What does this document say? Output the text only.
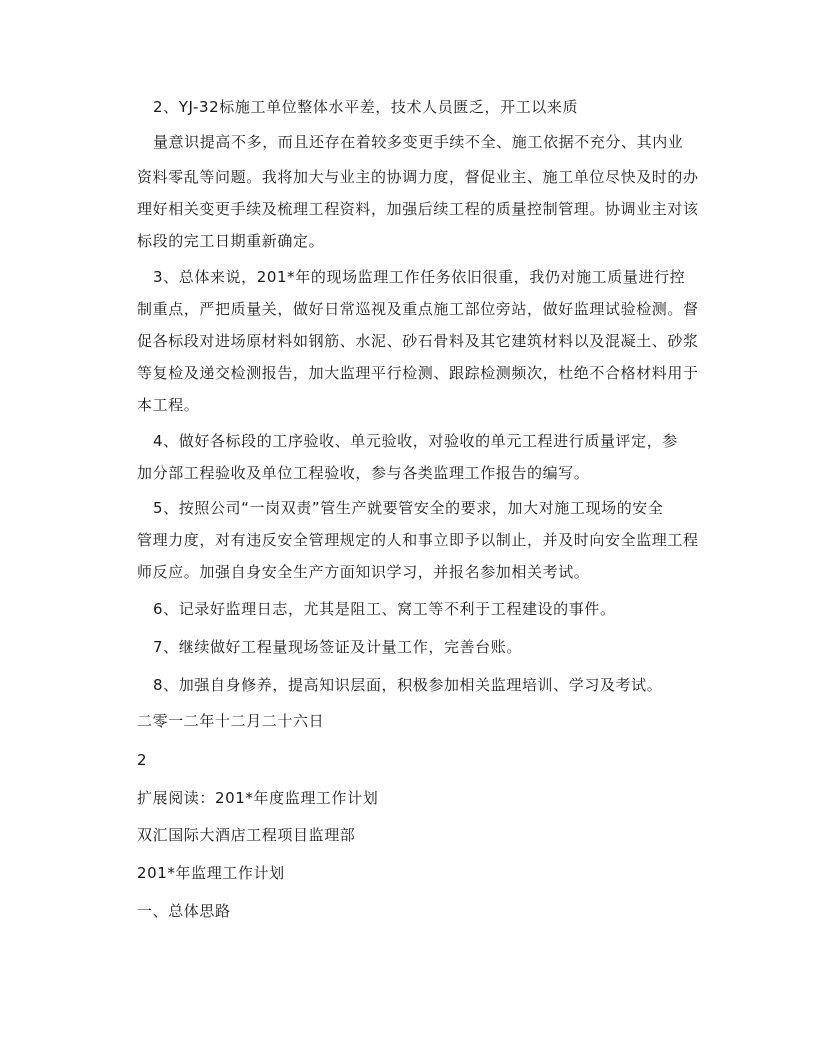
2、YJ-32标施工单位整体水平差，技术人员匮乏，开工以来质
量意识提高不多，而且还存在着较多变更手续不全、施工依据不充分、其内业
资料零乱等问题。我将加大与业主的协调力度，督促业主、施工单位尽快及时的办
理好相关变更手续及梳理工程资料，加强后续工程的质量控制管理。协调业主对该
标段的完工日期重新确定。
3、总体来说，201*年的现场监理工作任务依旧很重，我仍对施工质量进行控
制重点，严把质量关，做好日常巡视及重点施工部位旁站，做好监理试验检测。督
促各标段对进场原材料如钢筋、水泥、砂石骨料及其它建筑材料以及混凝土、砂浆
等复检及递交检测报告，加大监理平行检测、跟踪检测频次，杜绝不合格材料用于
本工程。
4、做好各标段的工序验收、单元验收，对验收的单元工程进行质量评定，参
加分部工程验收及单位工程验收，参与各类监理工作报告的编写。
5、按照公司“一岗双责”管生产就要管安全的要求，加大对施工现场的安全
管理力度，对有违反安全管理规定的人和事立即予以制止，并及时向安全监理工程
师反应。加强自身安全生产方面知识学习，并报名参加相关考试。
6、记录好监理日志，尤其是阻工、窝工等不利于工程建设的事件。
7、继续做好工程量现场签证及计量工作，完善台账。
8、加强自身修养，提高知识层面，积极参加相关监理培训、学习及考试。
二零一二年十二月二十六日
2
扩展阅读：201*年度监理工作计划
双汇国际大酒店工程项目监理部
201*年监理工作计划
一、总体思路
